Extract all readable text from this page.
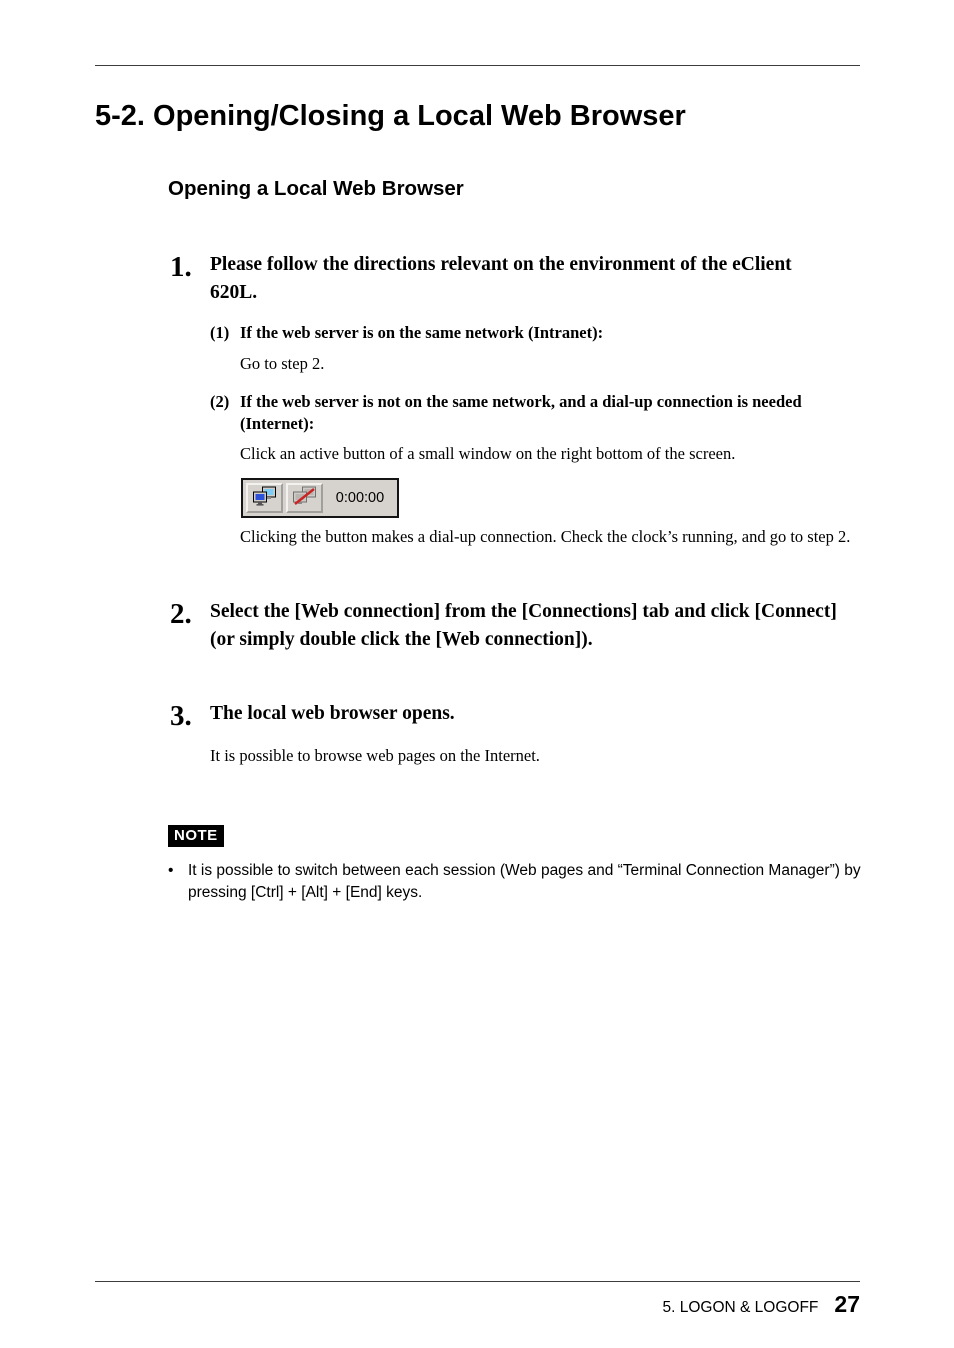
5-2. Opening/Closing a Local Web Browser
Opening a Local Web Browser
1. Please follow the directions relevant on the environment of the eClient 620L.

(1) If the web server is on the same network (Intranet):

Go to step 2.

(2) If the web server is not on the same network, and a dial-up connection is needed (Internet):

Click an active button of a small window on the right bottom of the screen.

0:00:00

Clicking the button makes a dial-up connection. Check the clock’s running, and go to step 2.

2. Select the [Web connection] from the [Connections] tab and click [Connect] (or simply double click the [Web connection]).

3. The local web browser opens.

It is possible to browse web pages on the Internet.

NOTE
• It is possible to switch between each session (Web pages and “Terminal Connection Manager”) by pressing [Ctrl] + [Alt] + [End] keys.
5. LOGON & LOGOFF 27
